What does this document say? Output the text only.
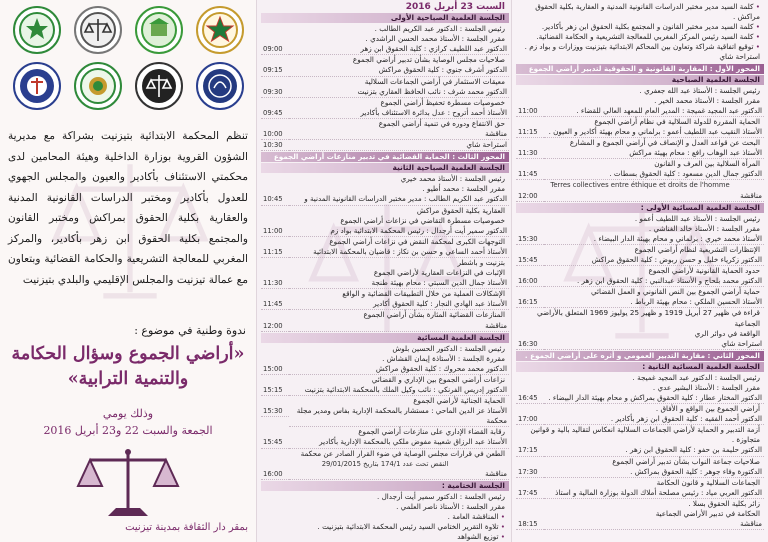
تنظم المحكمة الابتدائية بتيزنيت بشراكة مع مديرية الشؤون القروية بوزارة الداخلية وهيئة المحامين لدى محكمتي الاستئناف بأكادير والعيون والمجلس الجهوي للعدول بأكادير ومختبر الدراسات القانونية المدنية والعقارية بكلية الحقوق بمراكش ومختبر القانون والمجتمع بكلية الحقوق ابن زهر بأكادير، والمركز المغربي للمعالجة التشريعية والحكامة القضائية وبتعاون مع عمالة تيزنيت والمجلس الإقليمي والبلدي بتيزنيت
ندوة وطنية في موضوع :
«أراضي الجموع وسؤال الحكامة
والتنمية الترابية»
وذلك يومي
الجمعة والسبت 22 و23 أبريل 2016
بمقر دار الثقافة بمدينة تيزنيت
السبت 23 أبريل 2016
الجلسة العلمية الصباحية الأولى
رئيس الجلسة : الدكتور عبد الكريم الطالب .
مقرر الجلسة : الأستاذ محمد الحسن الراشدي .
الدكتور عبد اللطيف كرازي : كلية الحقوق ابن زهر
09:00
صلاحيات مجلس الوصاية بشأن تدبير أراضي الجموع
الدكتور أشرف جنوي : كلية الحقوق مراكش
09:15
معيقات الاستثمار في أراضي الجماعات السلالية
الدكتور محمد شرف : نائب الحافظ العقاري بتزنيت
09:30
خصوصيات مسطرة تحفيظ أراضي الجموع
الأستاذ أحمد أتروح : عدل بدائرة الاستئناف بأكادير
09:45
حق الانتفاع ودوره في تنمية أراضي الجموع
مناقشة
10:00
استراحة شاي
10:30
المحور الثالث : الحماية القضائية في تدبير منازعات أراضي الجموع
الجلسة العلمية الصباحية الثانية
رئيس الجلسة : الأستاذ محمد خيري
مقرر الجلسة : محمد أطيو .
الدكتور عبد الكريم الطالب : مدير مختبر الدراسات القانونية المدنية و
10:45
العقارية بكلية الحقوق مراكش
خصوصيات مسطرة التقاضي في نزاعات أراضي الجموع
الدكتور سمير أيت أرجدال : رئيس المحكمة الابتدائية بواد زم
11:00
التوجهات الكبرى لمحكمة النقض في نزاعات أراضي الجموع
الأستاذ أحمد الساعي و حسن بن نكاز : قاضيان بالمحكمة الابتدائية
11:15
بتزنيت و باشطر
الإثبات في النزاعات العقارية لأراضي الجموع
الأستاذ جمال الدين السبتي : محام بهيئة طنجة
11:30
الإشكالات العملية من خلال التطبيقات القضائية و الواقع
الأستاذ عبد الهادي النجار : كلية الحقوق أكادير
11:45
المنازعات القضائية المثارة بشأن أراضي الجموع
مناقشة
12:00
الجلسة العلمية المسائية
رئيس الجلسة : الدكتور الحسين بلوش
مقررة الجلسة : الأستاذة إيمان القشاش .
الدكتور محمد محروك : كلية الحقوق مراكش
15:00
نزاعات أراضي الجموع بين الإداري و القضائي
الدكتور إدريس الفرنكي : نائب وكيل الملك بالمحكمة الابتدائية بتزنيت
15:15
الحماية الجنائية لأراضي الجموع
الأستاذ عز الدين الماحي : مستشار بالمحكمة الإدارية بفاس ومدير مجلة محكمة
15:30
رقابة القضاء الإداري على منازعات أراضي الجموع
الأستاذ عبد الرزاق شعيبة مفوض ملكي بالمحكمة الإدارية بأكادير
15:45
الطعن في قرارات مجلس الوصاية في ضوء القرار الصادر عن محكمة
النقض تحت عدد 174/1 بتاريخ 29/01/2015
مناقشة
16:00
الجلسة الختامية :
رئيس الجلسة : الدكتور سمير أيت أرجدال .
مقرر الجلسة : الأستاذ ناصر العلمي .
• المناقشة العامة .
• تلاوة التقرير الختامي السيد رئيس المحكمة الابتدائية بتيزنيت .
• توزيع الشواهد
• كلمة السيد مدير مختبر الدراسات القانونية المدنية و العقارية بكلية الحقوق مراكش .
• كلمة السيد مدير مختبر القانون و المجتمع بكلية الحقوق ابن زهر بأكادير.
• كلمة السيد رئيس المركز المغربي للمعالجة التشريعية و الحكامة القضائية.
• توقيع اتفاقية شراكة وتعاون بين المحاكم الابتدائية بتيزنيت ووزارات و بواد زم .
استراحة شاي
المحور الأول : المقاربة القانونية و الحقوقية لتدبير أراضي الجموع
الجلسة العلمية الصباحية
رئيس الجلسة : الأستاذ عبد الله جعفري .
مقرر الجلسة : الأستاذ محمد الخير .
الدكتور عبد المجيد غميجة : المدير العام للمعهد العالي للقضاء .
11:00
الحماية المقررة للدولة السلالية في نظام أراضي الجموع
الأستاذ النقيب عبد اللطيف أعمو : برلماني و محام بهيئة أكادير و العيون .
11:15
البحث عن قواعد العدل و الإنصاف في أراضي الجموع و المشارع
الأستاذ عبد الوهاب رافع : محام بهيئة مراكش
11:30
المرأة السلالية بين العرف و القانون
الدكتور جمال الدين مسعود : كلية الحقوق بسطات .
11:45
Terres collectives entre éthique et droits de l'homme
مناقشة
12:00
الجلسة العلمية المسائية الأولى :
رئيس الجلسة : الأستاذ عبد اللطيف أعمو .
مقرر الجلسة : الأستاذ خالد الغناشي .
الأستاذ محمد خيري : برلماني و محام بهيئة الدار البيضاء .
15:30
الإنتظارات التشريعية لنظام أراضي الجموع
الدكتور زكرياء خليل و حسن ربوض : كلية الحقوق مراكش
15:45
حدود الحماية القانونية لأراضي الجموع
الدكتور محمد بلحاج و الأستاذ عبدالنبي : كلية الحقوق ابن زهر .
16:00
حماية أراضي الجموع بين النص القانوني و العمل القضائي
الأستاذ الحسين الملكي : محام بهيئة الرباط .
16:15
قراءة في ظهير 27 أبريل 1919 و ظهير 25 يوليوز 1969 المتعلق بالأراضي الجماعية
الواقعة في دوائر الري
استراحة شاي
16:30
المحور الثاني : مقاربة التدبير العمومي و أثره على أراضي الجموع .
الجلسة العلمية المسائية الثانية :
رئيس الجلسة : الدكتور عبد المجيد غميجة .
مقرر الجلسة : الأستاذ البشير عدي .
الدكتور المختار عطار : كلية الحقوق بمراكش و محام بهيئة الدار البيضاء .
16:45
أراضي الجموع بين الواقع و الأفاق .
الدكتور أحمد الفقيه : كلية الحقوق ابن زهر بأكادير .
17:00
أزمة التدبير و الحماية لأراضي الجماعات السلالية انعكاس لتقاليد بالية و قوانين
متجاوزة .
الدكتور حليمة بن حفو : كلية الحقوق ابن زهر .
17:15
صلاحيات جماعة النواب بشأن تدبير أراضي الجموع
الدكتورة وفاء جوهر : كلية الحقوق بمراكش .
17:30
الجماعات السلالية و قانون الحكامة
الدكتور العربي مياد : رئيس مصلحة أملاك الدولة بوزارة المالية و استاذ
17:45
زائر بكلية الحقوق بسلا .
الحكامة في تدبير الأراضي الجماعية
مناقشة
18:15
